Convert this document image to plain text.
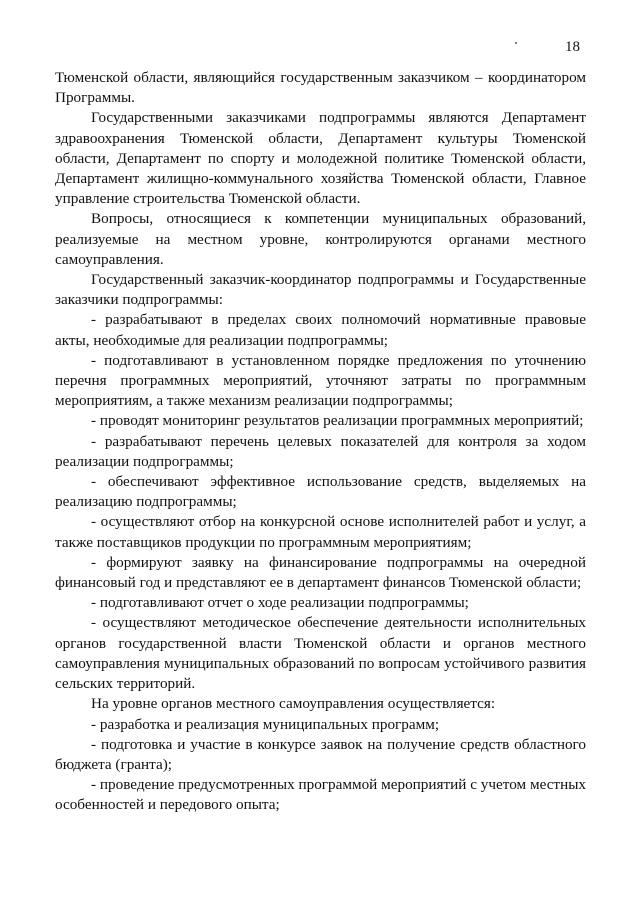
18

Тюменской области, являющийся государственным заказчиком – координатором Программы.

Государственными заказчиками подпрограммы являются Департамент здравоохранения Тюменской области, Департамент культуры Тюменской области, Департамент по спорту и молодежной политике Тюменской области, Департамент жилищно-коммунального хозяйства Тюменской области, Главное управление строительства Тюменской области.

Вопросы, относящиеся к компетенции муниципальных образований, реализуемые на местном уровне, контролируются органами местного самоуправления.

Государственный заказчик-координатор подпрограммы и Государственные заказчики подпрограммы:

- разрабатывают в пределах своих полномочий нормативные правовые акты, необходимые для реализации подпрограммы;

- подготавливают в установленном порядке предложения по уточнению перечня программных мероприятий, уточняют затраты по программным мероприятиям, а также механизм реализации подпрограммы;

- проводят мониторинг результатов реализации программных мероприятий;

- разрабатывают перечень целевых показателей для контроля за ходом реализации подпрограммы;

- обеспечивают эффективное использование средств, выделяемых на реализацию подпрограммы;

- осуществляют отбор на конкурсной основе исполнителей работ и услуг, а также поставщиков продукции по программным мероприятиям;

- формируют заявку на финансирование подпрограммы на очередной финансовый год и представляют ее в департамент финансов Тюменской области;

- подготавливают отчет о ходе реализации подпрограммы;

- осуществляют методическое обеспечение деятельности исполнительных органов государственной власти Тюменской области и органов местного самоуправления муниципальных образований по вопросам устойчивого развития сельских территорий.

На уровне органов местного самоуправления осуществляется:

- разработка и реализация муниципальных программ;

- подготовка и участие в конкурсе заявок на получение средств областного бюджета (гранта);

- проведение предусмотренных программой мероприятий с учетом местных особенностей и передового опыта;
